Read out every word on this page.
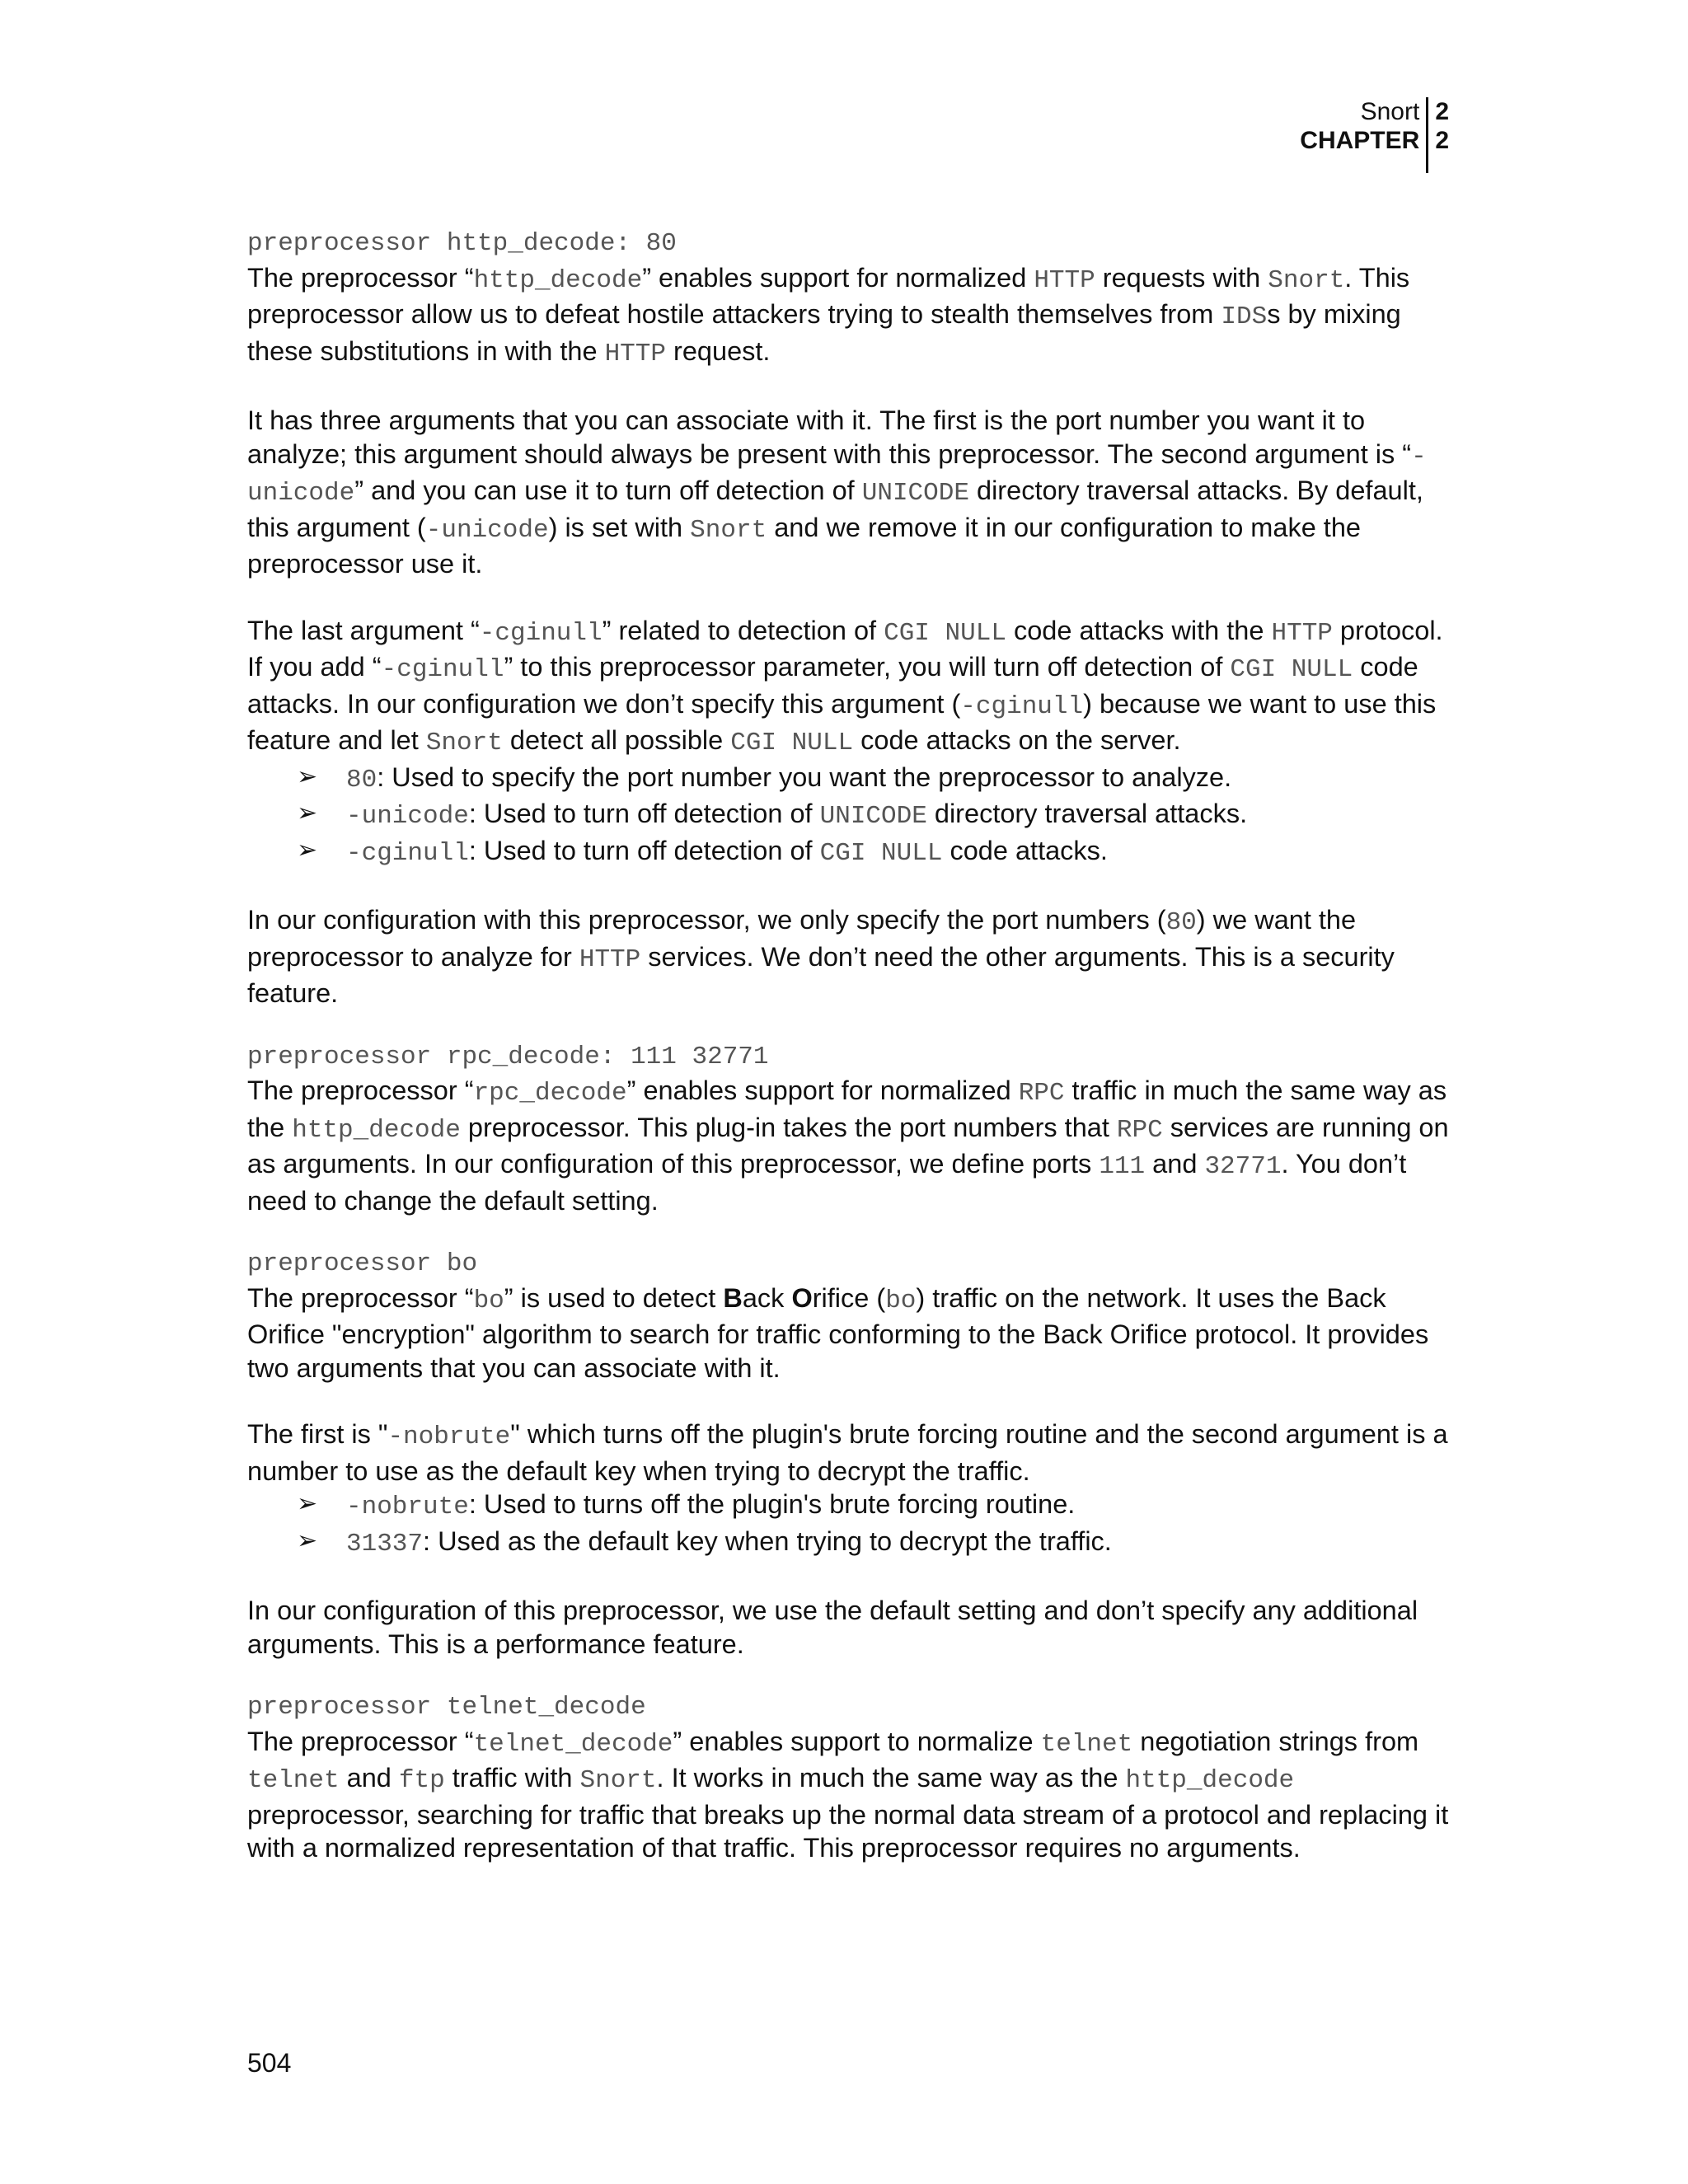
Snort
CHAPTER
2
2
preprocessor http_decode: 80

The preprocessor “http_decode” enables support for normalized HTTP requests with Snort. This preprocessor allow us to defeat hostile attackers trying to stealth themselves from IDSs by mixing these substitutions in with the HTTP request.

It has three arguments that you can associate with it. The first is the port number you want it to analyze; this argument should always be present with this preprocessor. The second argument is “-unicode” and you can use it to turn off detection of UNICODE directory traversal attacks. By default, this argument (-unicode) is set with Snort and we remove it in our configuration to make the preprocessor use it.

The last argument “-cginull” related to detection of CGI NULL code attacks with the HTTP protocol. If you add “-cginull” to this preprocessor parameter, you will turn off detection of CGI NULL code attacks. In our configuration we don’t specify this argument (-cginull) because we want to use this feature and let Snort detect all possible CGI NULL code attacks on the server.

➢ 80: Used to specify the port number you want the preprocessor to analyze.
➢ -unicode: Used to turn off detection of UNICODE directory traversal attacks.
➢ -cginull: Used to turn off detection of CGI NULL code attacks.

In our configuration with this preprocessor, we only specify the port numbers (80) we want the preprocessor to analyze for HTTP services. We don’t need the other arguments. This is a security feature.

preprocessor rpc_decode: 111 32771

The preprocessor “rpc_decode” enables support for normalized RPC traffic in much the same way as the http_decode preprocessor. This plug-in takes the port numbers that RPC services are running on as arguments. In our configuration of this preprocessor, we define ports 111 and 32771. You don’t need to change the default setting.

preprocessor bo

The preprocessor “bo” is used to detect Back Orifice (bo) traffic on the network. It uses the Back Orifice "encryption" algorithm to search for traffic conforming to the Back Orifice protocol. It provides two arguments that you can associate with it.

The first is "-nobrute" which turns off the plugin's brute forcing routine and the second argument is a number to use as the default key when trying to decrypt the traffic.

➢ -nobrute: Used to turns off the plugin's brute forcing routine.
➢ 31337: Used as the default key when trying to decrypt the traffic.

In our configuration of this preprocessor, we use the default setting and don’t specify any additional arguments. This is a performance feature.

preprocessor telnet_decode

The preprocessor “telnet_decode” enables support to normalize telnet negotiation strings from telnet and ftp traffic with Snort. It works in much the same way as the http_decode preprocessor, searching for traffic that breaks up the normal data stream of a protocol and replacing it with a normalized representation of that traffic. This preprocessor requires no arguments.

504
